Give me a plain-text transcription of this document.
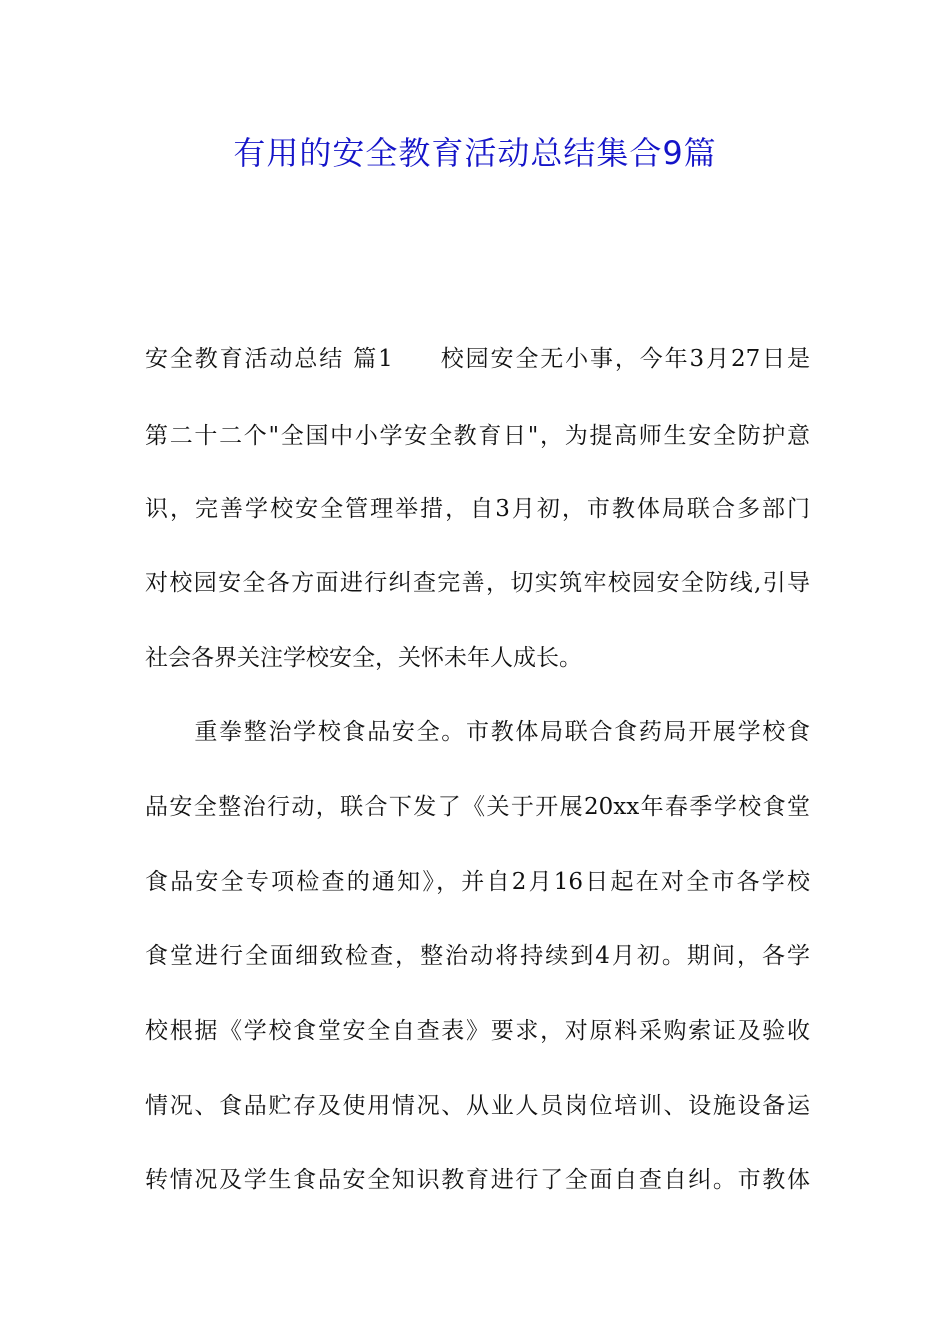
有用的安全教育活动总结集合9篇
安全教育活动总结 篇1 校园安全无小事，今年3月27日是
第二十二个"全国中小学安全教育日"，为提高师生安全防护意
识，完善学校安全管理举措，自3月初，市教体局联合多部门
对校园安全各方面进行纠查完善，切实筑牢校园安全防线,引导
社会各界关注学校安全，关怀未年人成长。
　　重拳整治学校食品安全。市教体局联合食药局开展学校食
品安全整治行动，联合下发了《关于开展20xx年春季学校食堂
食品安全专项检查的通知》，并自2月16日起在对全市各学校
食堂进行全面细致检查，整治动将持续到4月初。期间，各学
校根据《学校食堂安全自查表》要求，对原料采购索证及验收
情况、食品贮存及使用情况、从业人员岗位培训、设施设备运
转情况及学生食品安全知识教育进行了全面自查自纠。市教体
